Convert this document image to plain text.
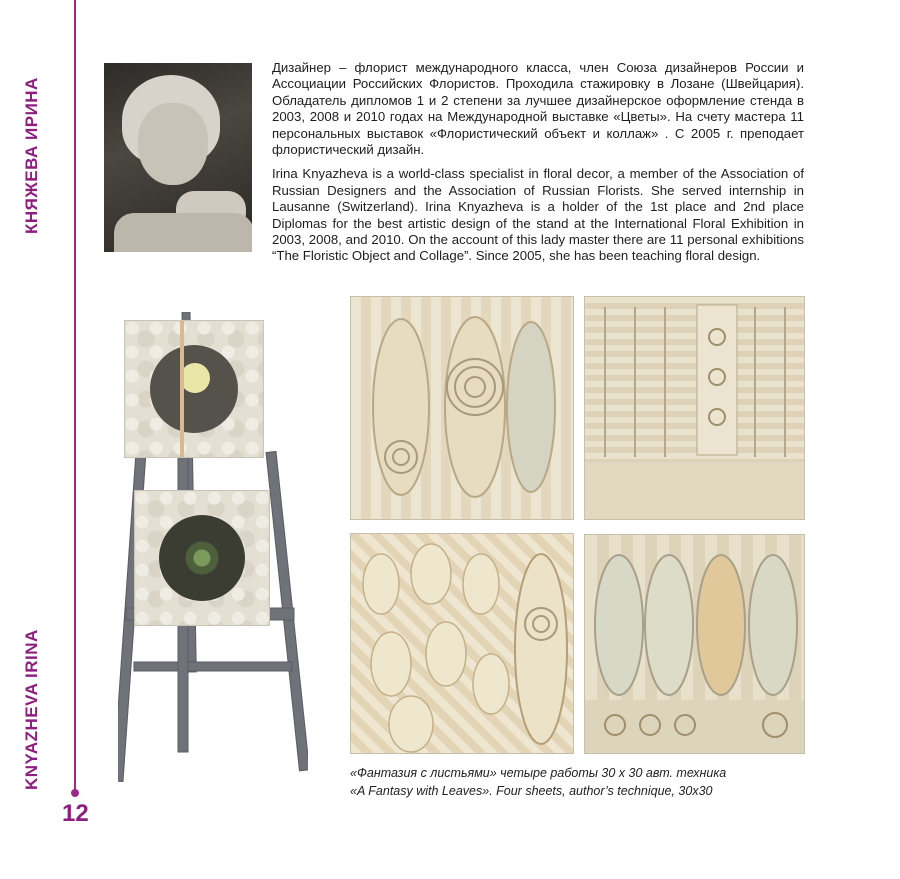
КНЯЖЕВА ИРИНА
KNYAZHEVA IRINA
12

Дизайнер – флорист международного класса, член Союза дизайнеров России и Ассоциации Российских Флористов. Проходила стажировку в Лозане (Швейцария). Обладатель дипломов 1 и 2 степени за лучшее дизайнерское оформление стенда в 2003, 2008 и 2010 годах на Международной выставке «Цветы». На счету мастера 11 персональных выставок «Флористический объект и коллаж» . С 2005 г. преподает флористический дизайн.

Irina Knyazheva is a world-class specialist in floral decor, a member of the Association of Russian Designers and the Association of Russian Florists. She served internship in Lausanne (Switzerland). Irina Knyazheva is a holder of the 1st place and 2nd place Diplomas for the best artistic design of the stand at the International Floral Exhibition in 2003, 2008, and 2010. On the account of this lady master there are 11 personal exhibitions “The Floristic Object and Collage”. Since 2005, she has been teaching floral design.

«Фантазия с листьями» четыре работы 30 х 30 авт. техника
«A Fantasy with Leaves». Four sheets, author’s technique, 30x30
